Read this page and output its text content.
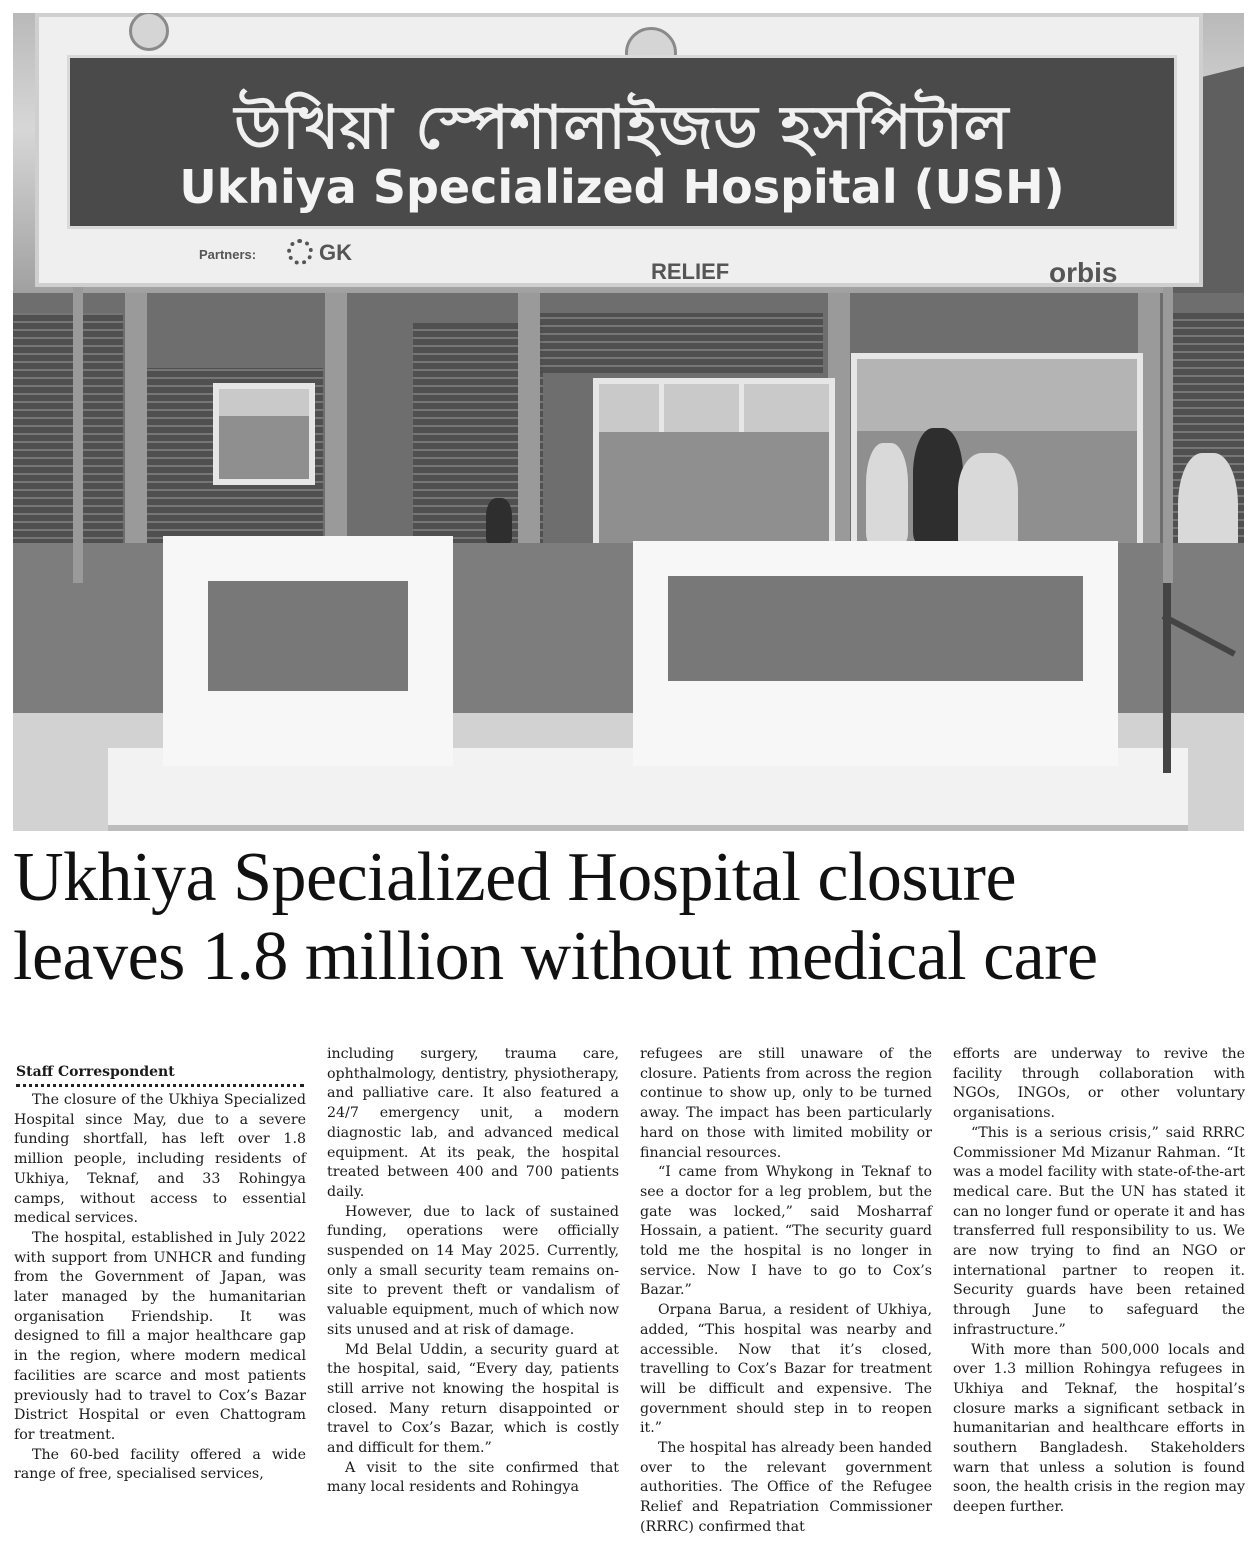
উখিয়া স্পেশালাইজড হসপিটাল
Ukhiya Specialized Hospital (USH)
Partners:	GK
RELIEF	orbis
Ukhiya Specialized Hospital closure
leaves 1.8 million without medical care
Staff Correspondent

The closure of the Ukhiya Specialized Hospital since May, due to a severe funding shortfall, has left over 1.8 million people, including residents of Ukhiya, Teknaf, and 33 Rohingya camps, without access to essential medical services.

The hospital, established in July 2022 with support from UNHCR and funding from the Government of Japan, was later managed by the humanitarian organisation Friendship. It was designed to fill a major healthcare gap in the region, where modern medical facilities are scarce and most patients previously had to travel to Cox’s Bazar District Hospital or even Chattogram for treatment.

The 60-bed facility offered a wide range of free, specialised services,

including surgery, trauma care, ophthalmology, dentistry, physiotherapy, and palliative care. It also featured a 24/7 emergency unit, a modern diagnostic lab, and advanced medical equipment. At its peak, the hospital treated between 400 and 700 patients daily.

However, due to lack of sustained funding, operations were officially suspended on 14 May 2025. Currently, only a small security team remains on-site to prevent theft or vandalism of valuable equipment, much of which now sits unused and at risk of damage.

Md Belal Uddin, a security guard at the hospital, said, “Every day, patients still arrive not knowing the hospital is closed. Many return disappointed or travel to Cox’s Bazar, which is costly and difficult for them.”

A visit to the site confirmed that many local residents and Rohingya

refugees are still unaware of the closure. Patients from across the region continue to show up, only to be turned away. The impact has been particularly hard on those with limited mobility or financial resources.

“I came from Whykong in Teknaf to see a doctor for a leg problem, but the gate was locked,” said Mosharraf Hossain, a patient. “The security guard told me the hospital is no longer in service. Now I have to go to Cox’s Bazar.”

Orpana Barua, a resident of Ukhiya, added, “This hospital was nearby and accessible. Now that it’s closed, travelling to Cox’s Bazar for treatment will be difficult and expensive. The government should step in to reopen it.”

The hospital has already been handed over to the relevant government authorities. The Office of the Refugee Relief and Repatriation Commissioner (RRRC) confirmed that

efforts are underway to revive the facility through collaboration with NGOs, INGOs, or other voluntary organisations.

“This is a serious crisis,” said RRRC Commissioner Md Mizanur Rahman. “It was a model facility with state-of-the-art medical care. But the UN has stated it can no longer fund or operate it and has transferred full responsibility to us. We are now trying to find an NGO or international partner to reopen it. Security guards have been retained through June to safeguard the infrastructure.”

With more than 500,000 locals and over 1.3 million Rohingya refugees in Ukhiya and Teknaf, the hospital’s closure marks a significant setback in humanitarian and healthcare efforts in southern Bangladesh. Stakeholders warn that unless a solution is found soon, the health crisis in the region may deepen further.
